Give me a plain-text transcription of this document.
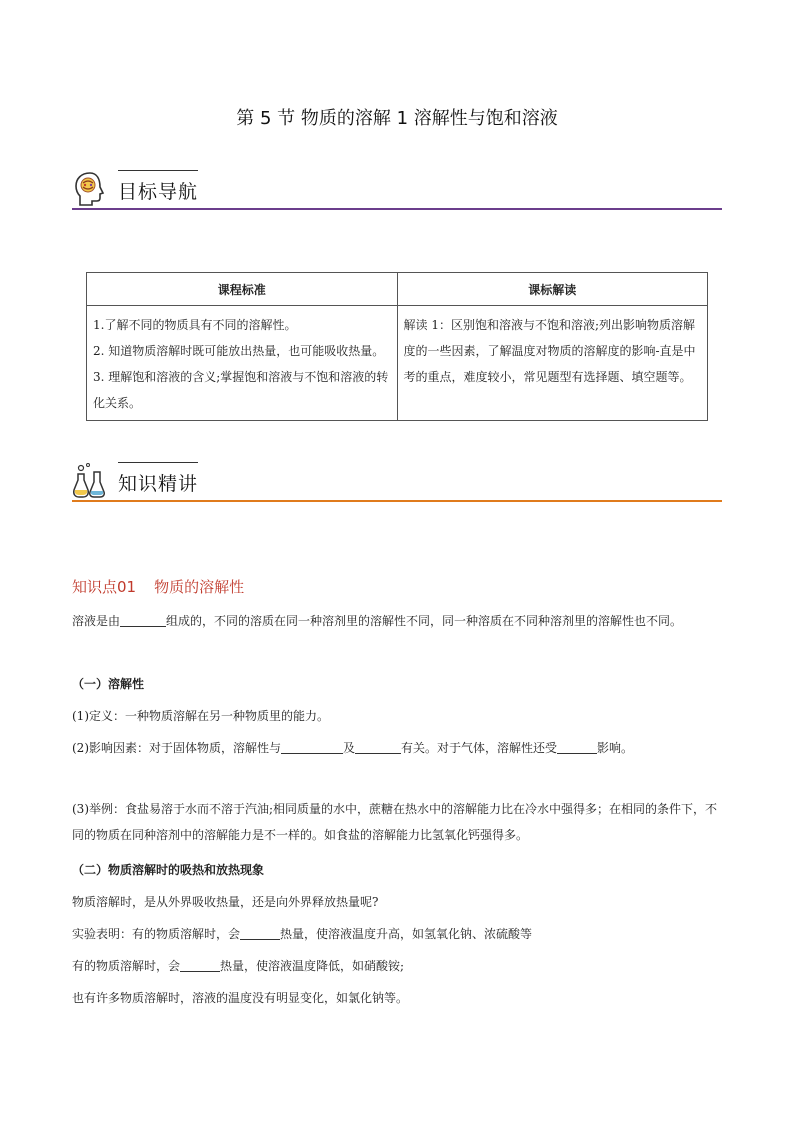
第 5 节 物质的溶解 1 溶解性与饱和溶液
目标导航
课程标准	课标解读

1.了解不同的物质具有不同的溶解性。
2. 知道物质溶解时既可能放出热量，也可能吸收热量。
3. 理解饱和溶液的含义;掌握饱和溶液与不饱和溶液的转化关系。	解读 1：区别饱和溶液与不饱和溶液;列出影响物质溶解度的一些因素，了解温度对物质的溶解度的影响-直是中考的重点，难度较小，常见题型有选择题、填空题等。
知识精讲
知识点01 物质的溶解性
溶液是由	组成的，不同的溶质在同一种溶剂里的溶解性不同，同一种溶质在不同种溶剂里的溶解性也不同。
（一）溶解性
(1)定义：一种物质溶解在另一种物质里的能力。
(2)影响因素：对于固体物质，溶解性与	及	有关。对于气体，溶解性还受	影响。
(3)举例：食盐易溶于水而不溶于汽油;相同质量的水中，蔗糖在热水中的溶解能力比在冷水中强得多；在相同的条件下，不同的物质在同种溶剂中的溶解能力是不一样的。如食盐的溶解能力比氢氧化钙强得多。
（二）物质溶解时的吸热和放热现象
物质溶解时，是从外界吸收热量，还是向外界释放热量呢?
实验表明：有的物质溶解时，会	热量，使溶液温度升高，如氢氧化钠、浓硫酸等
有的物质溶解时，会	热量，使溶液温度降低，如硝酸铵;
也有许多物质溶解时，溶液的温度没有明显变化，如氯化钠等。
